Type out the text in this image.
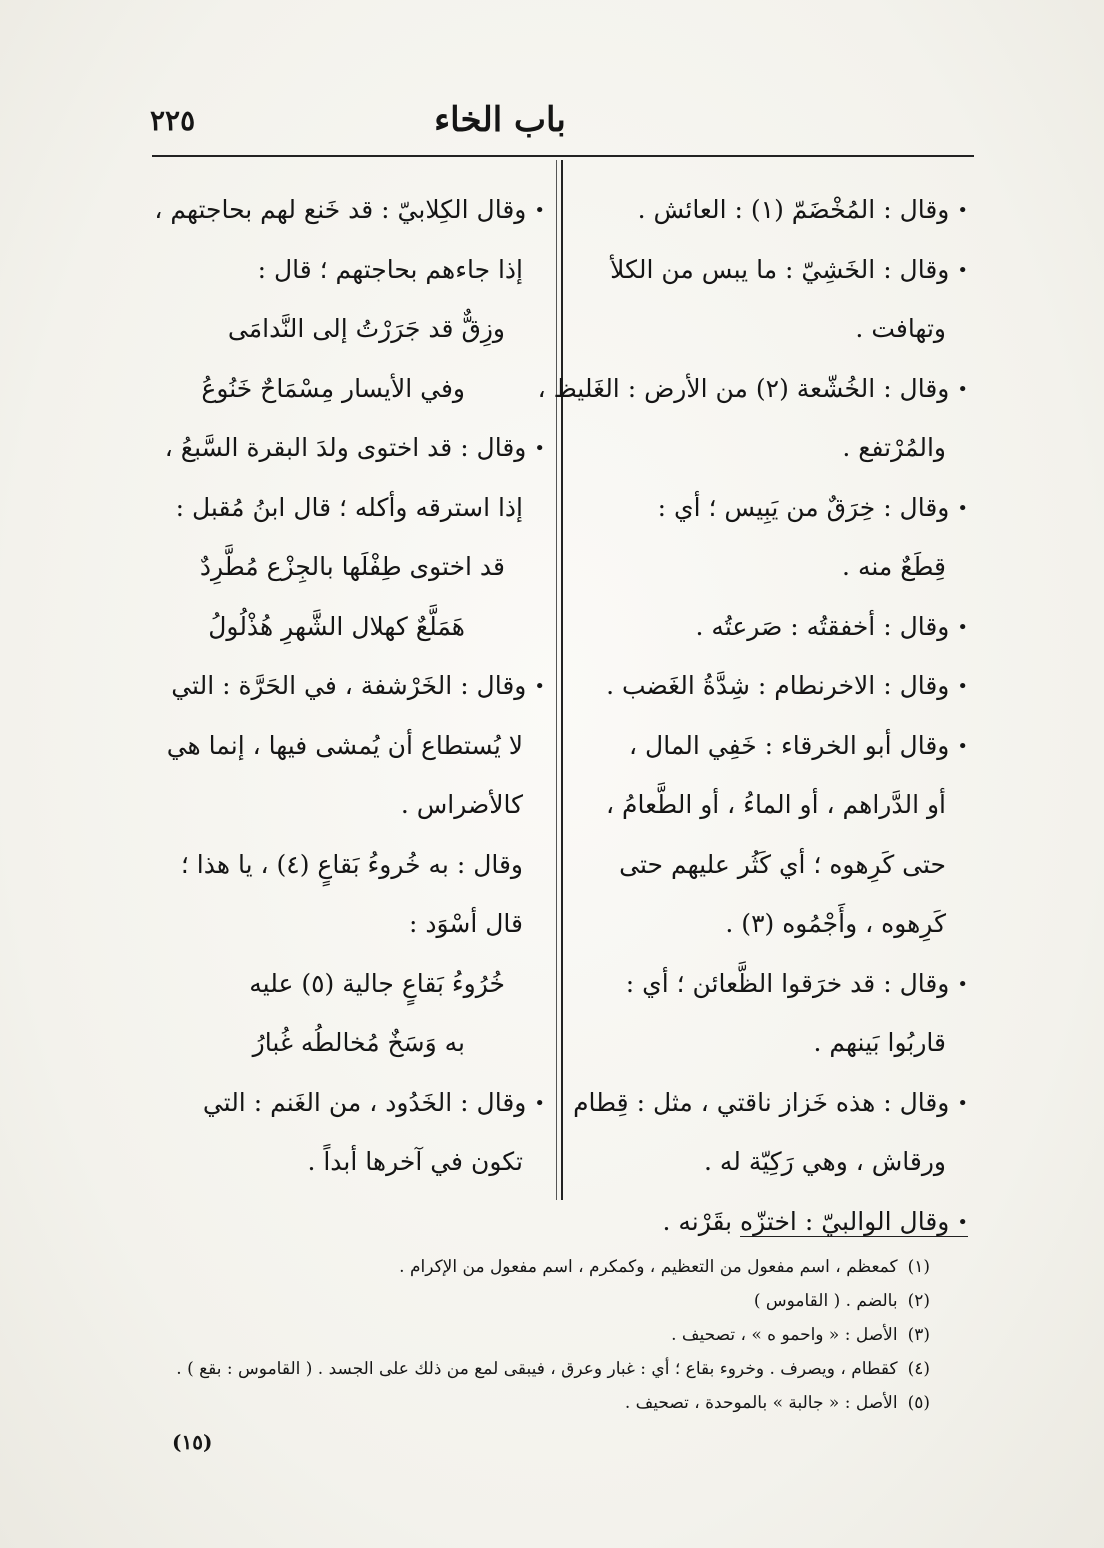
باب الخاء
٢٢٥
• وقال : المُخْضَمّ (١) : العائش .
• وقال : الخَشِيّ : ما يبس من الكلأ
وتهافت .
• وقال : الخُشّعة (٢) من الأرض : الغَليظ ،
والمُرْتفع .
• وقال : خِرَقٌ من يَبِيس ؛ أي :
قِطَعٌ منه .
• وقال : أخفقتُه : صَرعتُه .
• وقال : الاخرنطام : شِدَّةُ الغَضب .
• وقال أبو الخرقاء : خَفِي المال ،
أو الدَّراهم ، أو الماءُ ، أو الطَّعامُ ،
حتى كَرِهوه ؛ أي كَثُر عليهم حتى
كَرِهوه ، وأَجْمُوه (٣) .
• وقال : قد خرَقوا الظَّعائن ؛ أي :
قاربُوا بَينهم .
• وقال : هذه خَزاز ناقتي ، مثل : قِطام
ورقاش ، وهي رَكِيّة له .
• وقال الوالبيّ : اختزّه بقَرْنه .
• وقال الكِلابيّ : قد خَنع لهم بحاجتهم ،
إذا جاءهم بحاجتهم ؛ قال :
وزِقٌّ قد جَرَرْتُ إلى النَّدامَى
وفي الأيسار مِسْمَاحٌ خَنُوعُ
• وقال : قد اختوى ولدَ البقرة السَّبعُ ،
إذا استرقه وأكله ؛ قال ابنُ مُقبل :
قد اختوى طِفْلَها بالجِزْع مُطَّرِدٌ
هَمَلَّعٌ كهلال الشَّهرِ هُذْلُولُ
• وقال : الخَرْشفة ، في الحَرَّة : التي
لا يُستطاع أن يُمشى فيها ، إنما هي
كالأضراس .
وقال : به خُروءُ بَقاعٍ (٤) ، يا هذا ؛
قال أسْوَد :
خُرُوءُ بَقاعٍ جالية (٥) عليه
به وَسَخٌ مُخالطُه غُبارُ
• وقال : الخَدُود ، من الغَنم : التي
تكون في آخرها أبداً .
(١)كمعظم ، اسم مفعول من التعظيم ، وكمكرم ، اسم مفعول من الإكرام .
(٢)بالضم . ( القاموس )
(٣)الأصل : « واحمو ه » ، تصحيف .
(٤)كقطام ، ويصرف . وخروء بقاع ؛ أي : غبار وعرق ، فيبقى لمع من ذلك على الجسد . ( القاموس : بقع ) .
(٥)الأصل : « جالبة » بالموحدة ، تصحيف .
(١٥)
